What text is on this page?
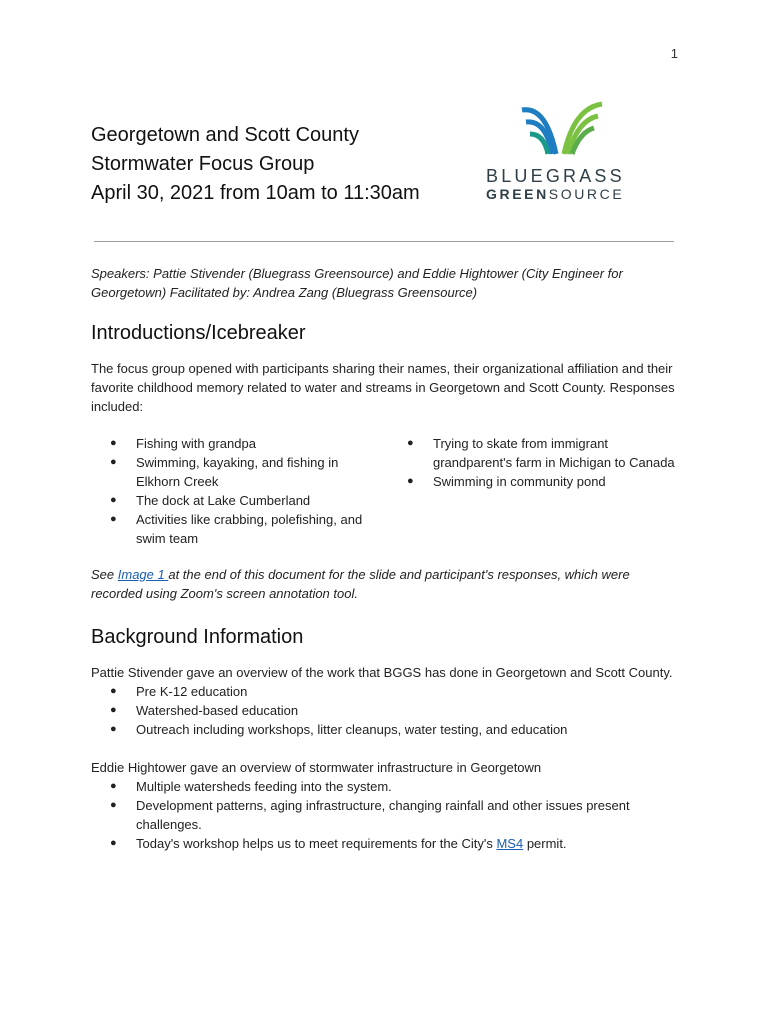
1
Georgetown and Scott County
Stormwater Focus Group
April 30, 2021 from 10am to 11:30am
BLUEGRASS
GREENSOURCE

Speakers: Pattie Stivender (Bluegrass Greensource) and Eddie Hightower (City Engineer for Georgetown) Facilitated by: Andrea Zang (Bluegrass Greensource)

Introductions/Icebreaker

The focus group opened with participants sharing their names, their organizational affiliation and their favorite childhood memory related to water and streams in Georgetown and Scott County. Responses included:

● Fishing with grandpa
● Swimming, kayaking, and fishing in Elkhorn Creek
● The dock at Lake Cumberland
● Activities like crabbing, polefishing, and swim team
● Trying to skate from immigrant grandparent's farm in Michigan to Canada
● Swimming in community pond

See Image 1 at the end of this document for the slide and participant's responses, which were recorded using Zoom's screen annotation tool.

Background Information

Pattie Stivender gave an overview of the work that BGGS has done in Georgetown and Scott County.

● Pre K-12 education
● Watershed-based education
● Outreach including workshops, litter cleanups, water testing, and education

Eddie Hightower gave an overview of stormwater infrastructure in Georgetown

● Multiple watersheds feeding into the system.
● Development patterns, aging infrastructure, changing rainfall and other issues present challenges.
● Today's workshop helps us to meet requirements for the City's MS4 permit.
